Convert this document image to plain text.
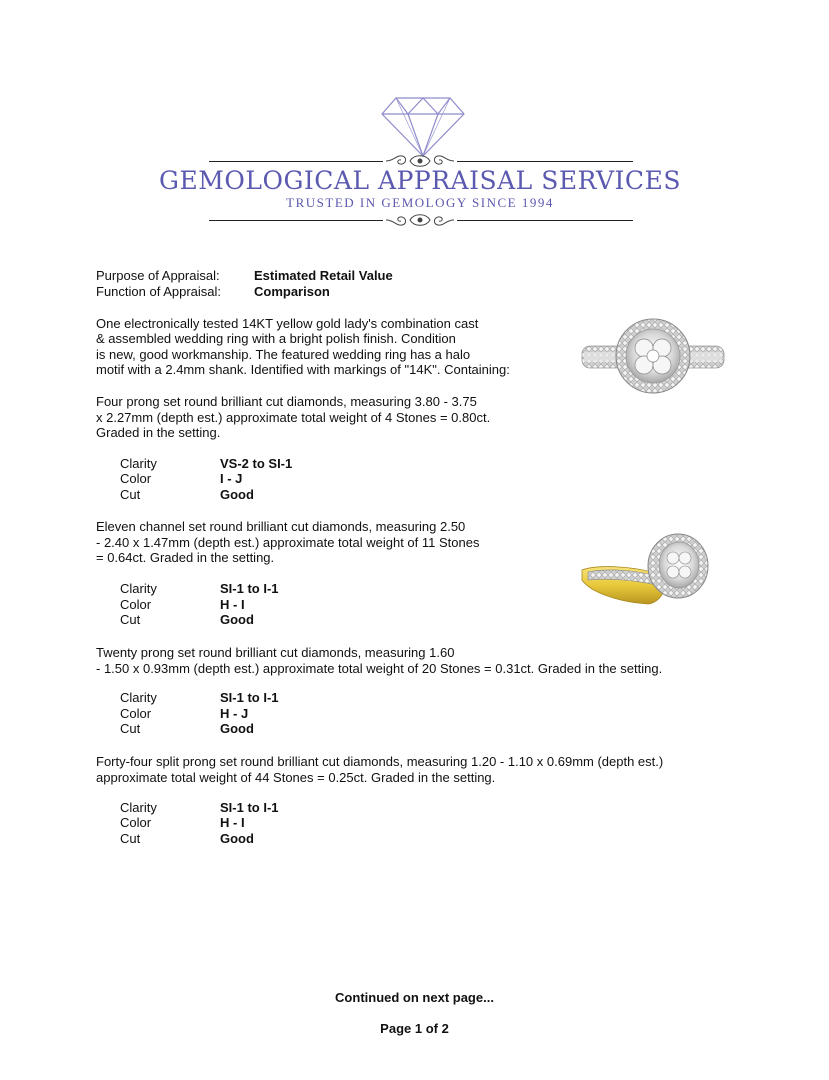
GEMOLOGICAL APPRAISAL SERVICES
TRUSTED IN GEMOLOGY SINCE 1994
Purpose of Appraisal:	Estimated Retail Value
Function of Appraisal:	Comparison
One electronically tested 14KT yellow gold lady's combination cast
& assembled wedding ring with a bright polish finish. Condition
is new, good workmanship. The featured wedding ring has a halo
motif with a 2.4mm shank. Identified with markings of "14K". Containing:
Four prong set round brilliant cut diamonds, measuring 3.80 - 3.75
x 2.27mm (depth est.) approximate total weight of 4 Stones = 0.80ct.
Graded in the setting.
Clarity	VS-2 to SI-1
Color	I - J
Cut	Good
Eleven channel set round brilliant cut diamonds, measuring 2.50
- 2.40 x 1.47mm (depth est.) approximate total weight of 11 Stones
= 0.64ct. Graded in the setting.
Clarity	SI-1 to I-1
Color	H - I
Cut	Good
Twenty prong set round brilliant cut diamonds, measuring 1.60
- 1.50 x 0.93mm (depth est.) approximate total weight of 20 Stones = 0.31ct. Graded in the setting.
Clarity	SI-1 to I-1
Color	H - J
Cut	Good
Forty-four split prong set round brilliant cut diamonds, measuring 1.20 - 1.10 x 0.69mm (depth est.)
approximate total weight of 44 Stones = 0.25ct. Graded in the setting.
Clarity	SI-1 to I-1
Color	H - I
Cut	Good
Continued on next page...
Page 1 of 2
